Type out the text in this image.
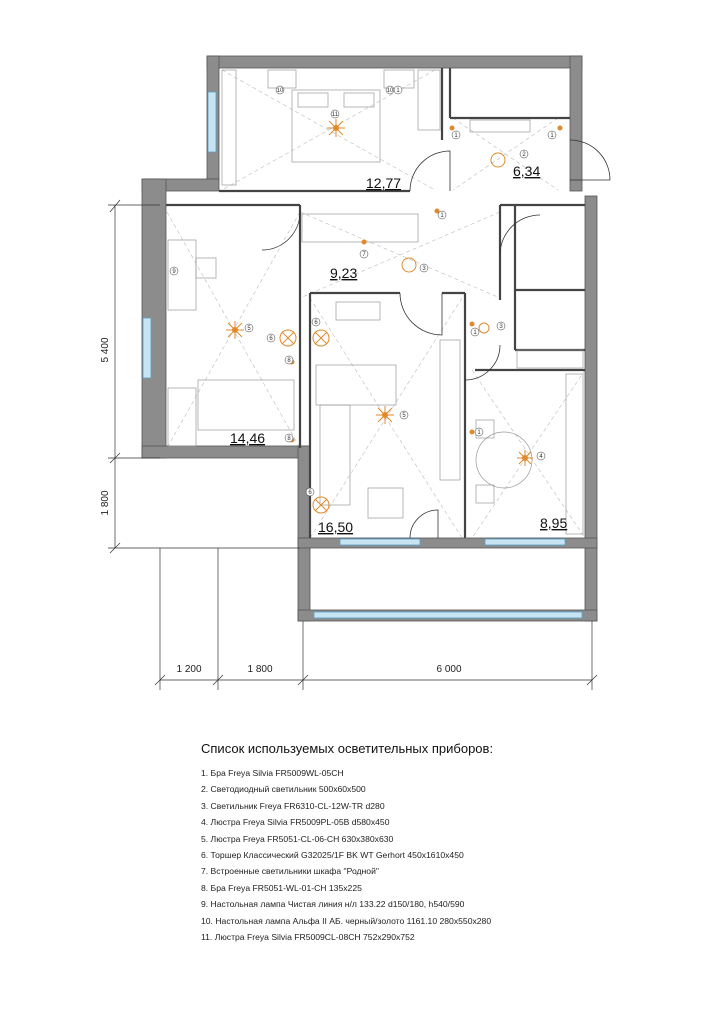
5 400
1 800
1 200	1 800	6 000
12,77
6,34
9,23
14,46
16,50	8,95
11
10	10
1
2
1	1
3
7
1
3
9
5
6
8
8
6
5
6
1
4
1
Список используемых осветительных приборов:
1. Бра Freya Silvia FR5009WL-05CH
2. Светодиодный светильник 500х60х500
3. Светильник Freya FR6310-CL-12W-TR d280
4. Люстра Freya Silvia FR5009PL-05B d580x450
5. Люстра Freya FR5051-CL-06-CH 630х380х630
6. Торшер Классический G32025/1F BK WT Gerhort 450х1610х450
7. Встроенные светильники шкафа "Родной"
8. Бра Freya FR5051-WL-01-CH 135x225
9. Настольная лампа Чистая линия н/л 133.22 d150/180, h540/590
10. Настольная лампа Альфа II АБ. черный/золото 1161.10 280х550х280
11. Люстра Freya Silvia FR5009CL-08CH 752x290x752
